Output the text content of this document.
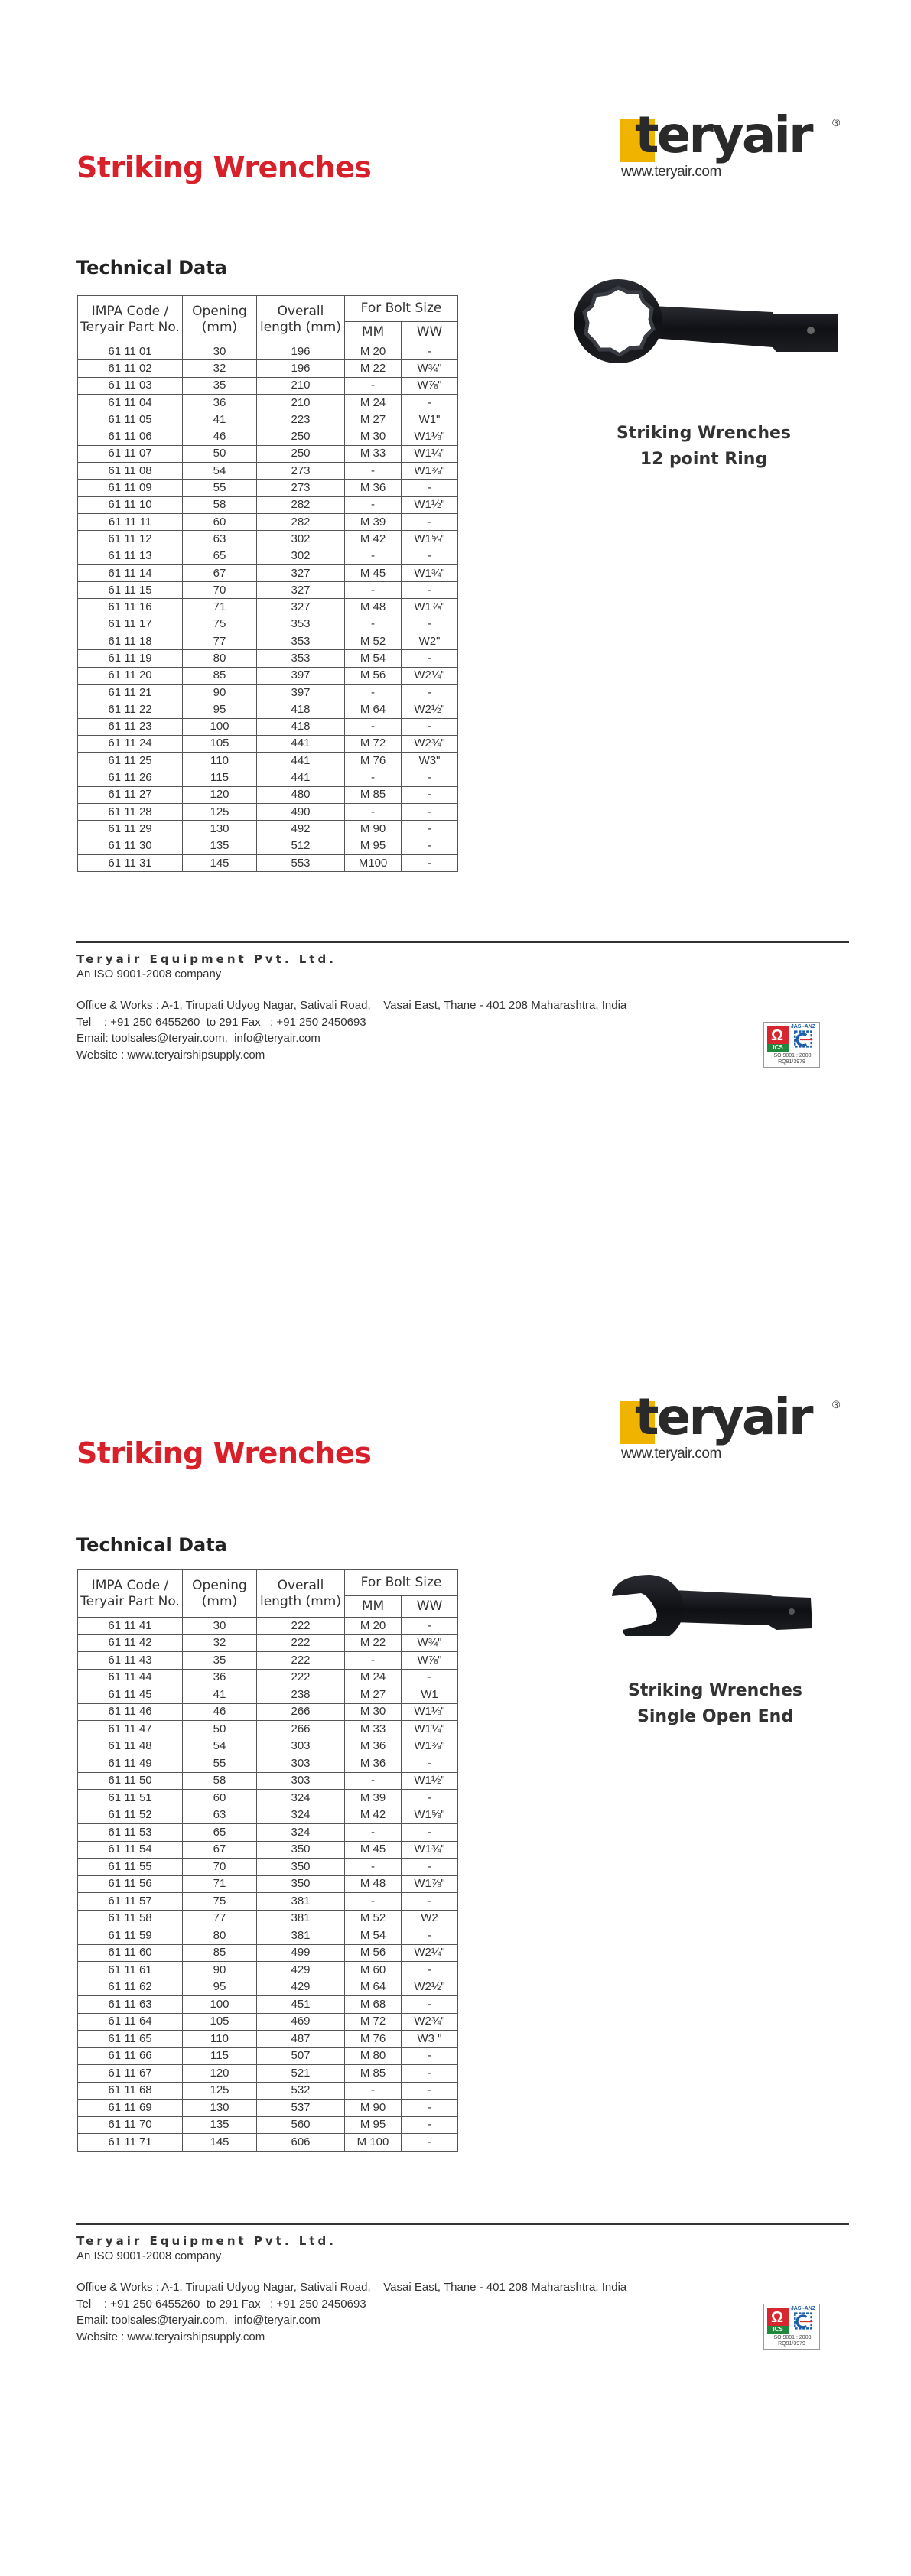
Striking Wrenches
teryair ®
www.teryair.com
Technical Data
IMPA Code / Teryair Part No.	Opening (mm)	Overall length (mm)	For Bolt Size	
			MM	WW
61 11 01	30	196	M 20	-
61 11 02	32	196	M 22	W¾"
61 11 03	35	210	-	W⅞"
61 11 04	36	210	M 24	-
61 11 05	41	223	M 27	W1"
61 11 06	46	250	M 30	W1⅛"
61 11 07	50	250	M 33	W1¼"
61 11 08	54	273	-	W1⅜"
61 11 09	55	273	M 36	-
61 11 10	58	282	-	W1½"
61 11 11	60	282	M 39	-
61 11 12	63	302	M 42	W1⅝"
61 11 13	65	302	-	-
61 11 14	67	327	M 45	W1¾"
61 11 15	70	327	-	-
61 11 16	71	327	M 48	W1⅞"
61 11 17	75	353	-	-
61 11 18	77	353	M 52	W2"
61 11 19	80	353	M 54	-
61 11 20	85	397	M 56	W2¼"
61 11 21	90	397	-	-
61 11 22	95	418	M 64	W2½"
61 11 23	100	418	-	-
61 11 24	105	441	M 72	W2¾"
61 11 25	110	441	M 76	W3"
61 11 26	115	441	-	-
61 11 27	120	480	M 85	-
61 11 28	125	490	-	-
61 11 29	130	492	M 90	-
61 11 30	135	512	M 95	-
61 11 31	145	553	M100	-
Striking Wrenches
12 point Ring
Teryair Equipment Pvt. Ltd.
An ISO 9001-2008 company
Office & Works : A-1, Tirupati Udyog Nagar, Sativali Road,    Vasai East, Thane - 401 208 Maharashtra, India
Tel    : +91 250 6455260  to 291 Fax   : +91 250 2450693
Email: toolsales@teryair.com,  info@teryair.com
Website : www.teryairshipsupply.com
Ω
ICS
JAS -ANZ
ISO 9001 : 2008
RQ91/3979
Striking Wrenches
teryair ®
www.teryair.com
Technical Data
IMPA Code / Teryair Part No.	Opening (mm)	Overall length (mm)	For Bolt Size	
			MM	WW
61 11 41	30	222	M 20	-
61 11 42	32	222	M 22	W¾"
61 11 43	35	222	-	W⅞"
61 11 44	36	222	M 24	-
61 11 45	41	238	M 27	W1
61 11 46	46	266	M 30	W1⅛"
61 11 47	50	266	M 33	W1¼"
61 11 48	54	303	M 36	W1⅜"
61 11 49	55	303	M 36	-
61 11 50	58	303	-	W1½"
61 11 51	60	324	M 39	-
61 11 52	63	324	M 42	W1⅝"
61 11 53	65	324	-	-
61 11 54	67	350	M 45	W1¾"
61 11 55	70	350	-	-
61 11 56	71	350	M 48	W1⅞"
61 11 57	75	381	-	-
61 11 58	77	381	M 52	W2
61 11 59	80	381	M 54	-
61 11 60	85	499	M 56	W2¼"
61 11 61	90	429	M 60	-
61 11 62	95	429	M 64	W2½"
61 11 63	100	451	M 68	-
61 11 64	105	469	M 72	W2¾"
61 11 65	110	487	M 76	W3 "
61 11 66	115	507	M 80	-
61 11 67	120	521	M 85	-
61 11 68	125	532	-	-
61 11 69	130	537	M 90	-
61 11 70	135	560	M 95	-
61 11 71	145	606	M 100	-
Striking Wrenches
Single Open End
Teryair Equipment Pvt. Ltd.
An ISO 9001-2008 company
Office & Works : A-1, Tirupati Udyog Nagar, Sativali Road,    Vasai East, Thane - 401 208 Maharashtra, India
Tel    : +91 250 6455260  to 291 Fax   : +91 250 2450693
Email: toolsales@teryair.com,  info@teryair.com
Website : www.teryairshipsupply.com
Ω
ICS
JAS -ANZ
ISO 9001 : 2008
RQ91/3979
